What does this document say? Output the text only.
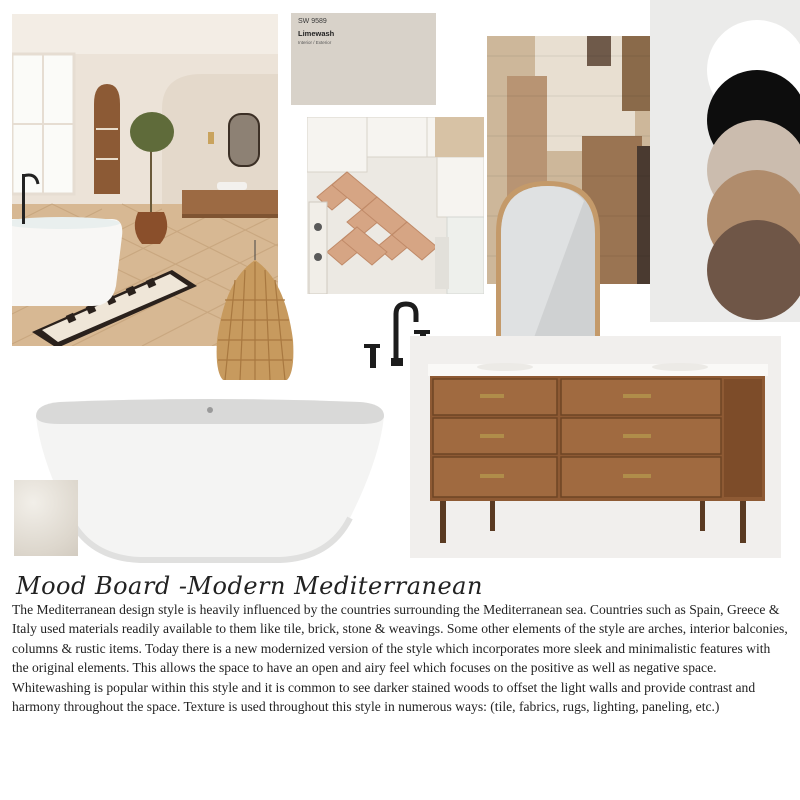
SW 9589
Limewash
Interior / Exterior
Mood Board -Modern Mediterranean

The Mediterranean design style is heavily influenced by the countries surrounding the Mediterranean sea. Countries such as Spain, Greece & Italy used materials readily available to them like tile, brick, stone & weavings. Some other elements of the style are arches, interior balconies, columns & rustic items. Today there is a new modernized version of the style which incorporates more sleek and minimalistic features with the original elements. This allows the space to have an open and airy feel which focuses on the positive as well as negative space. Whitewashing is popular within this style and it is common to see darker stained woods to offset the light walls and provide contrast and harmony throughout the space. Texture is used throughout this style in numerous ways: (tile, fabrics, rugs, lighting, paneling, etc.)
